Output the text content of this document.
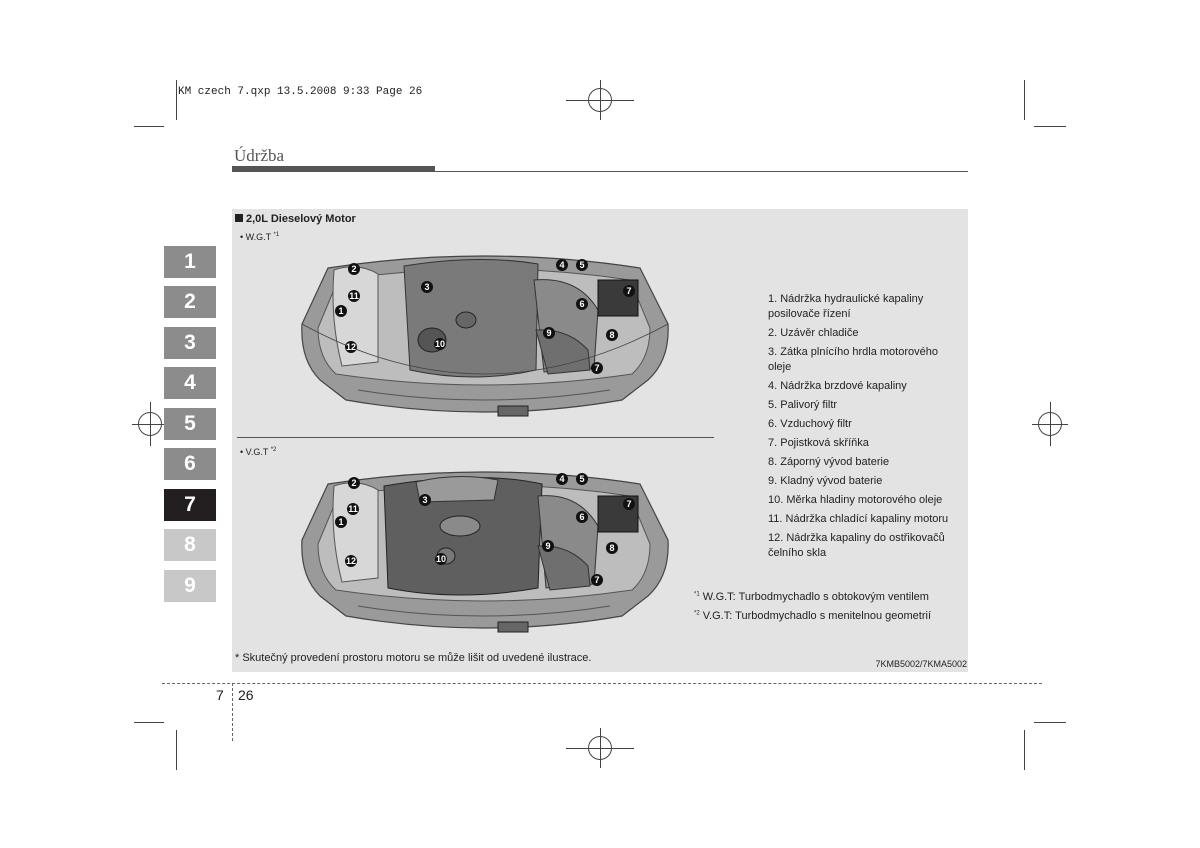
KM czech 7.qxp 13.5.2008 9:33 Page 26
Údržba
1
2
3
4
5
6
7
8
9
2,0L Dieselový Motor
• W.G.T $^{*1}$
• V.G.T $^{*2}$
* Skutečný provedení prostoru motoru se může lišit od uvedené ilustrace.	7KMB5002/7KMA5002
2
11
1
12
3
10
4 5
7
6
8
9
7
2
11
1
12
3
10
4 5
7
6
8
9
7
1. Nádržka hydraulické kapaliny posilovače řízení
2. Uzávěr chladiče
3. Zátka plnícího hrdla motorového oleje
4. Nádržka brzdové kapaliny
5. Palivorý filtr
6. Vzduchový filtr
7. Pojistková skříňka
8. Záporný vývod baterie
9. Kladný vývod baterie
10. Měrka hladiny motorového oleje
11. Nádržka chladící kapaliny motoru
12. Nádržka kapaliny do ostřikovačů čelního skla
$^{*1}$ W.G.T: Turbodmychadlo s obtokovým ventilem
$^{*2}$ V.G.T: Turbodmychadlo s menitelnou geometrií
7 26
